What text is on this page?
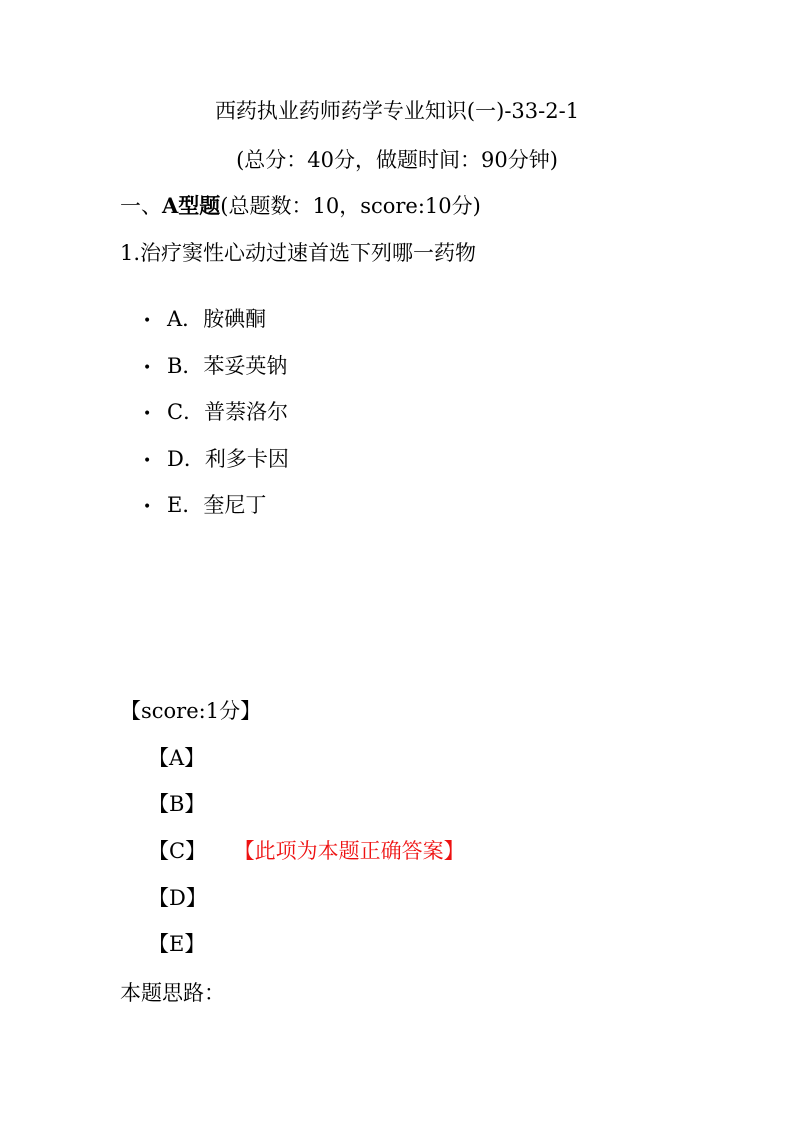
西药执业药师药学专业知识(一)-33-2-1
(总分：40分，做题时间：90分钟)
一、A型题(总题数：10，score:10分)
1.治疗窦性心动过速首选下列哪一药物
• A．胺碘酮
• B．苯妥英钠
• C．普萘洛尔
• D．利多卡因
• E．奎尼丁
【score:1分】
【A】
【B】
【C】 【此项为本题正确答案】
【D】
【E】
本题思路：
